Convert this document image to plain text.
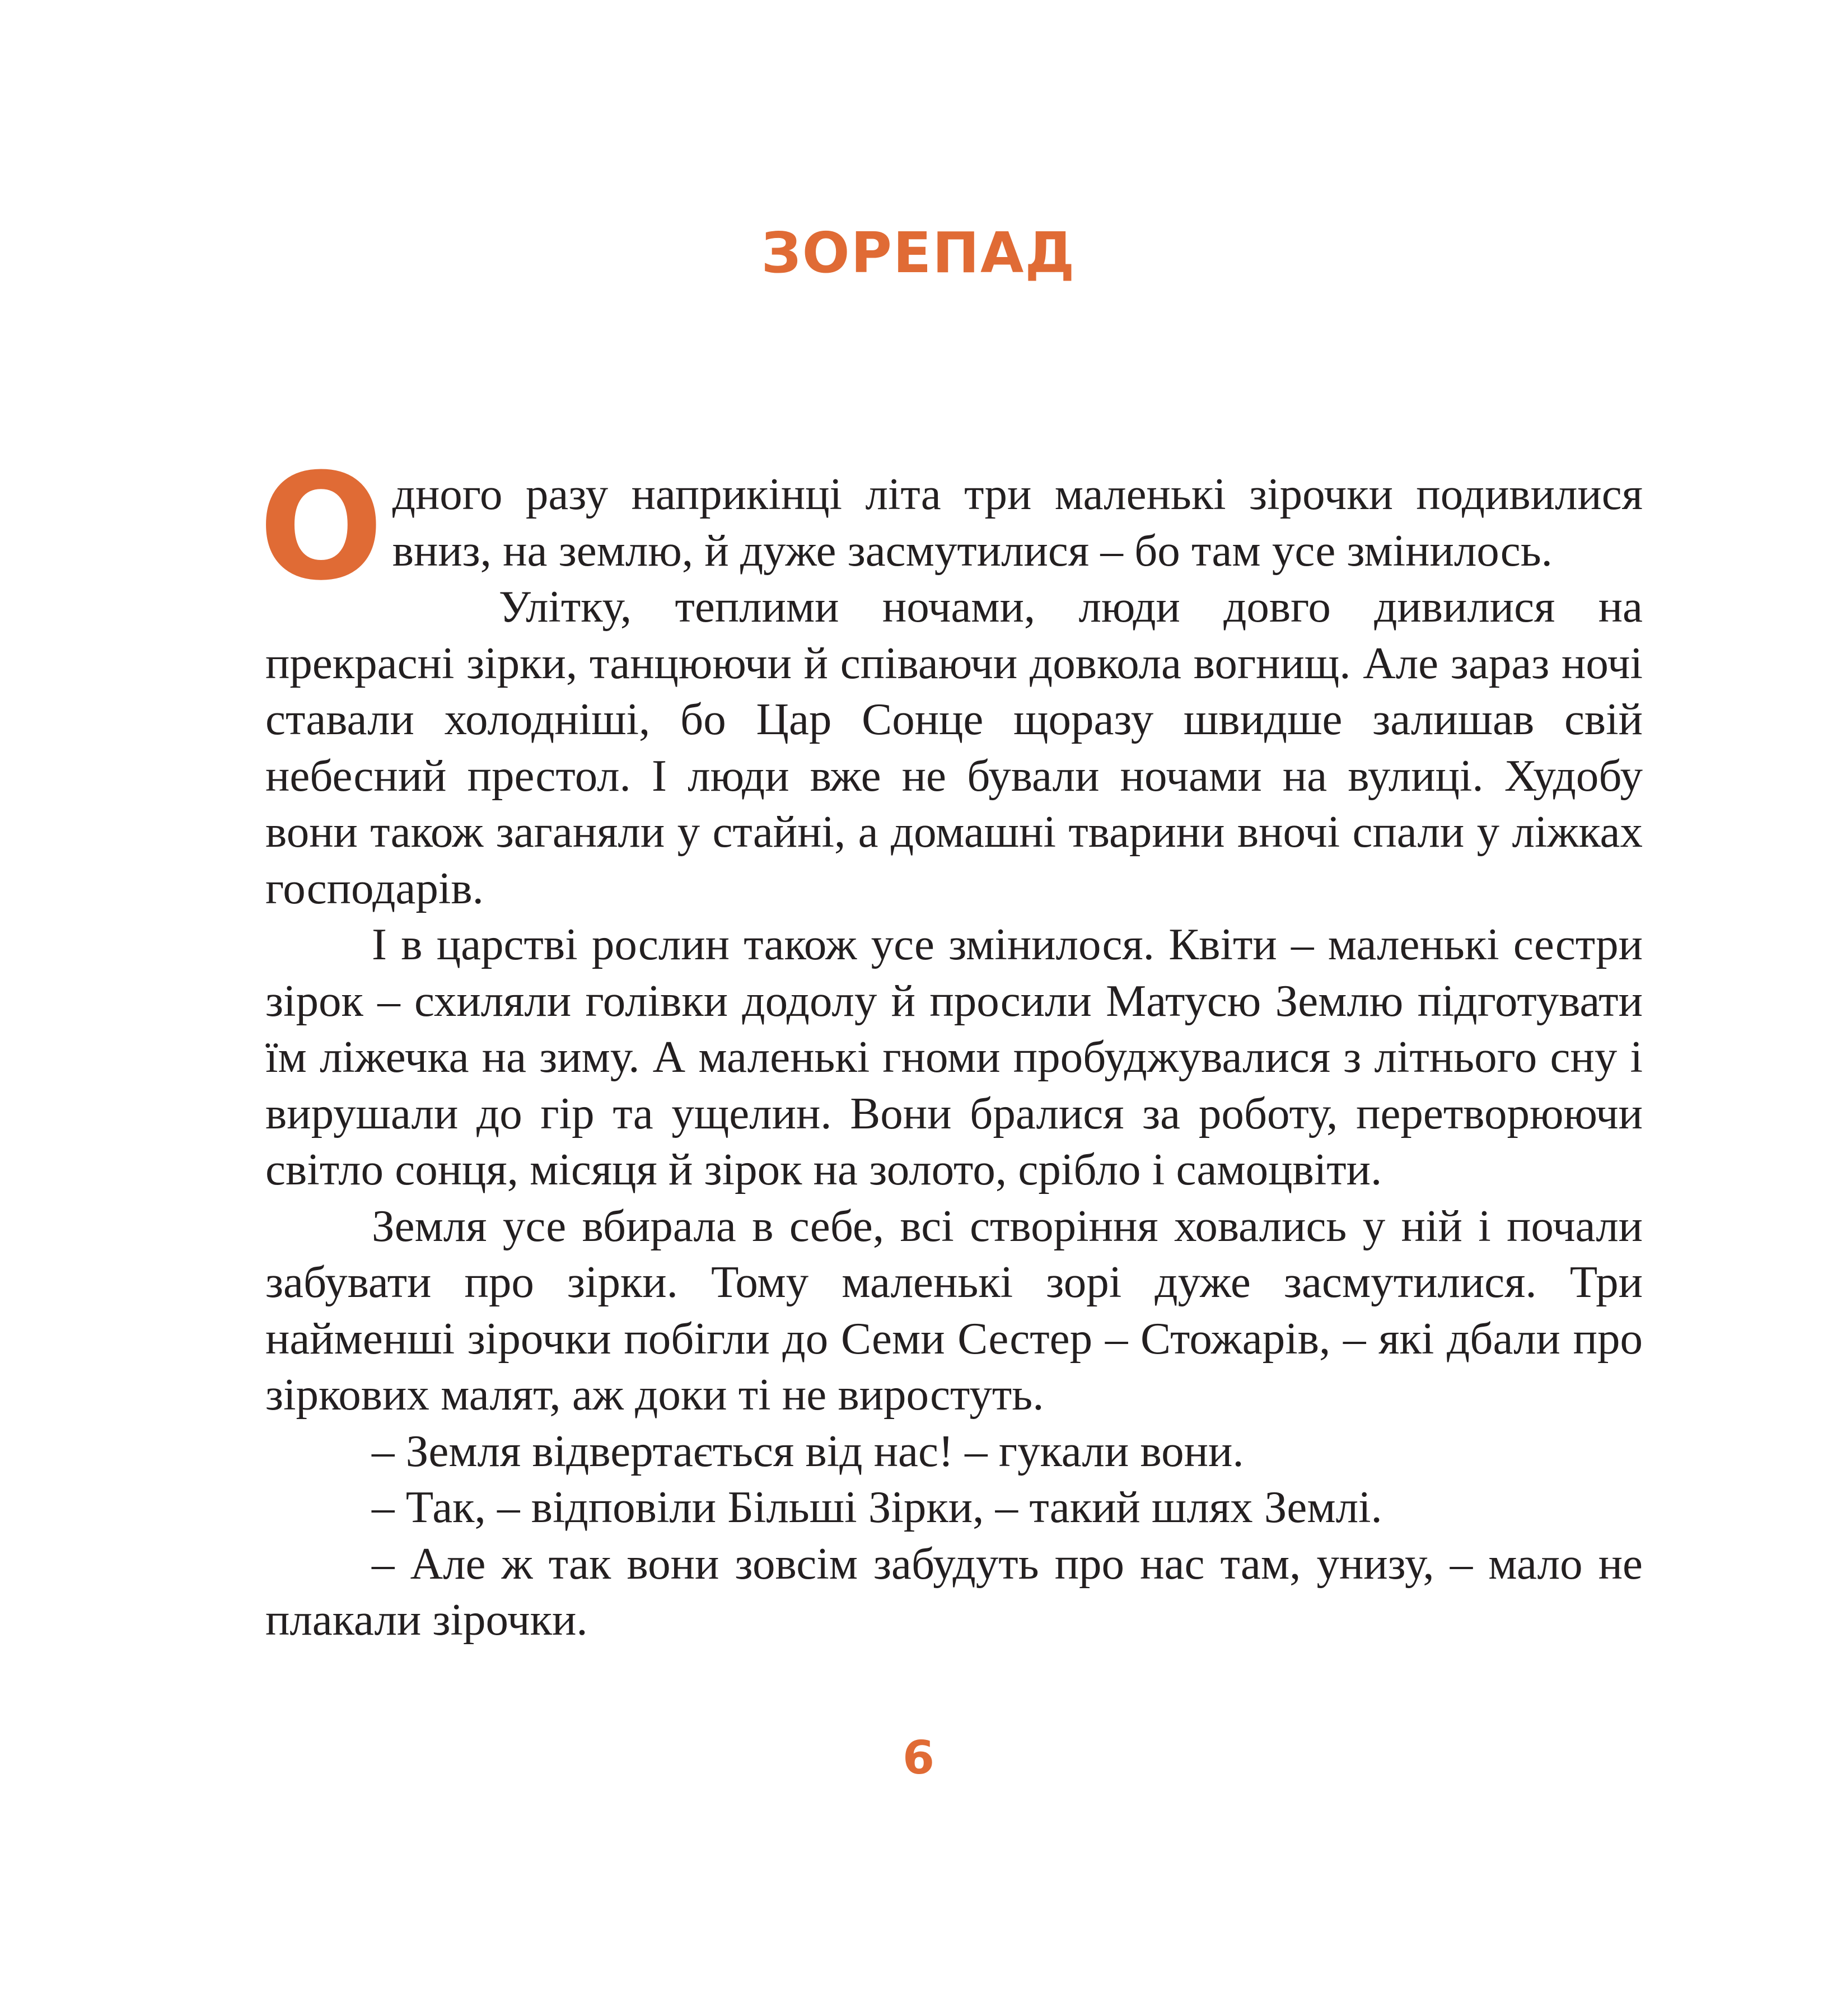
ЗОРЕПАД

Одного разу наприкінці літа три маленькі зірочки подивилися вниз, на землю, й дуже засмутилися – бо там усе змінилось.

Улітку, теплими ночами, люди довго дивилися на прекрасні зірки, танцюючи й співаючи довкола вогнищ. Але зараз ночі ставали холодніші, бо Цар Сонце щоразу швидше залишав свій небесний престол. І люди вже не бували ночами на вулиці. Худобу вони також заганяли у стайні, а домашні тварини вночі спали у ліжках господарів.

І в царстві рослин також усе змінилося. Квіти – маленькі сестри зірок – схиляли голівки додолу й просили Матусю Землю підготувати їм ліжечка на зиму. А маленькі гноми пробуджувалися з літнього сну і вирушали до гір та ущелин. Вони бралися за роботу, перетворюючи світло сонця, місяця й зірок на золото, срібло і самоцвіти.

Земля усе вбирала в себе, всі створіння ховались у ній і почали забувати про зірки. Тому маленькі зорі дуже засмутилися. Три найменші зірочки побігли до Семи Сестер – Стожарів, – які дбали про зіркових малят, аж доки ті не виростуть.

– Земля відвертається від нас! – гукали вони.

– Так, – відповіли Більші Зірки, – такий шлях Землі.

– Але ж так вони зовсім забудуть про нас там, унизу, – мало не плакали зірочки.

6
